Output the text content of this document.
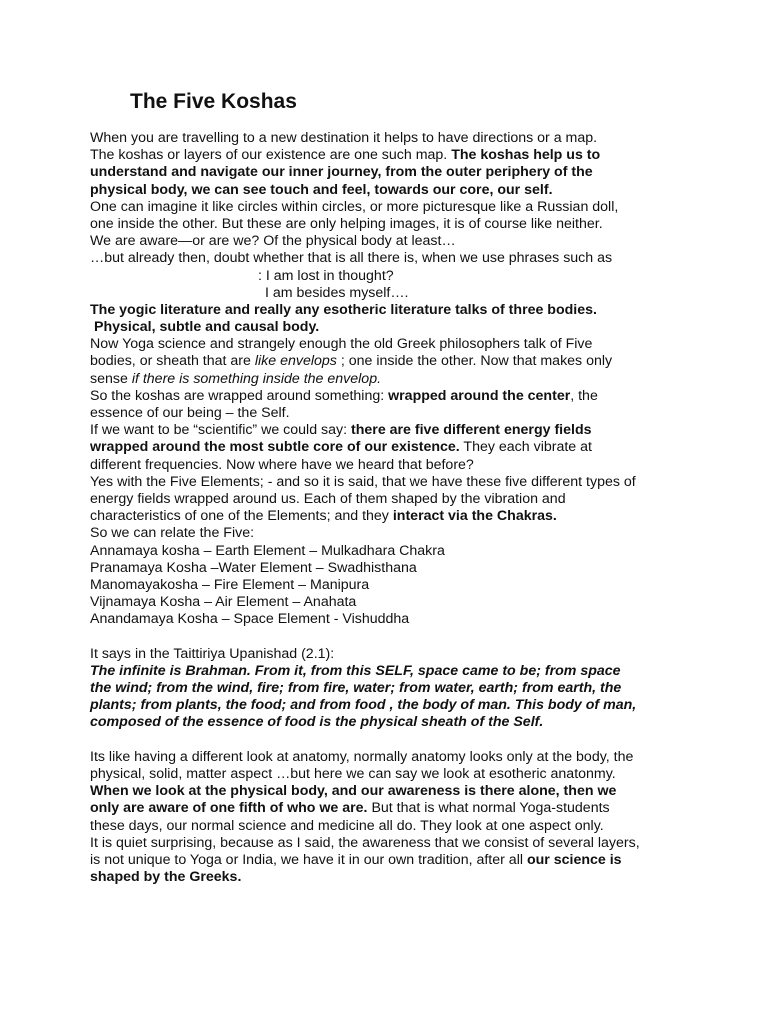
The Five Koshas
When you are travelling to a new destination it helps to have directions or a map.
The koshas or layers of our existence are one such map. The koshas help us to
understand and navigate our inner journey, from the outer periphery of the
physical body, we can see touch and feel, towards our core, our self.
One can imagine it like circles within circles, or more picturesque like a Russian doll,
one inside the other. But these are only helping images, it is of course like neither.
We are aware—or are we? Of the physical body at least…
…but already then, doubt whether that is all there is, when we use phrases such as
: I am lost in thought?
I am besides myself….
The yogic literature and really any esotheric literature talks of three bodies.
Physical, subtle and causal body.
Now Yoga science and strangely enough the old Greek philosophers talk of Five
bodies, or sheath that are like envelops ; one inside the other. Now that makes only
sense if there is something inside the envelop.
So the koshas are wrapped around something: wrapped around the center, the
essence of our being – the Self.
If we want to be “scientific” we could say: there are five different energy fields
wrapped around the most subtle core of our existence. They each vibrate at
different frequencies. Now where have we heard that before?
Yes with the Five Elements; - and so it is said, that we have these five different types of
energy fields wrapped around us. Each of them shaped by the vibration and
characteristics of one of the Elements; and they interact via the Chakras.
So we can relate the Five:
Annamaya kosha – Earth Element – Mulkadhara Chakra
Pranamaya Kosha –Water Element – Swadhisthana
Manomayakosha – Fire Element – Manipura
Vijnamaya Kosha – Air Element – Anahata
Anandamaya Kosha – Space Element - Vishuddha
It says in the Taittiriya Upanishad (2.1):
The infinite is Brahman. From it, from this SELF, space came to be; from space
the wind; from the wind, fire; from fire, water; from water, earth; from earth, the
plants; from plants, the food; and from food , the body of man. This body of man,
composed of the essence of food is the physical sheath of the Self.
Its like having a different look at anatomy, normally anatomy looks only at the body, the
physical, solid, matter aspect …but here we can say we look at esotheric anatonmy.
When we look at the physical body, and our awareness is there alone, then we
only are aware of one fifth of who we are. But that is what normal Yoga-students
these days, our normal science and medicine all do. They look at one aspect only.
It is quiet surprising, because as I said, the awareness that we consist of several layers,
is not unique to Yoga or India, we have it in our own tradition, after all our science is
shaped by the Greeks.
